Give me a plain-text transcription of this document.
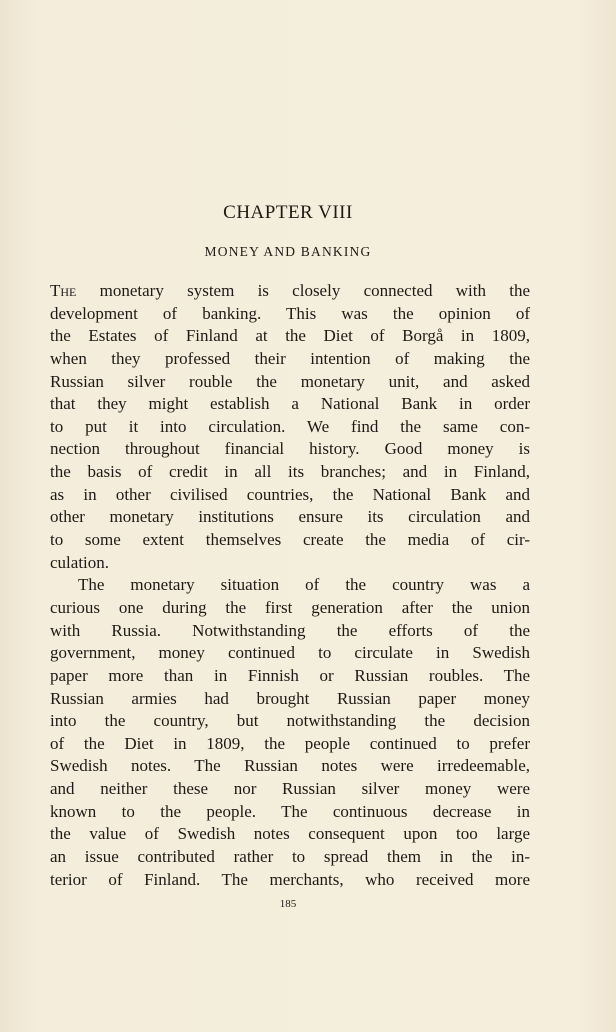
CHAPTER VIII
MONEY AND BANKING
The monetary system is closely connected with the
development of banking. This was the opinion of
the Estates of Finland at the Diet of Borgå in 1809,
when they professed their intention of making the
Russian silver rouble the monetary unit, and asked
that they might establish a National Bank in order
to put it into circulation. We find the same con-
nection throughout financial history. Good money is
the basis of credit in all its branches; and in Finland,
as in other civilised countries, the National Bank and
other monetary institutions ensure its circulation and
to some extent themselves create the media of cir-
culation.
The monetary situation of the country was a
curious one during the first generation after the union
with Russia. Notwithstanding the efforts of the
government, money continued to circulate in Swedish
paper more than in Finnish or Russian roubles. The
Russian armies had brought Russian paper money
into the country, but notwithstanding the decision
of the Diet in 1809, the people continued to prefer
Swedish notes. The Russian notes were irredeemable,
and neither these nor Russian silver money were
known to the people. The continuous decrease in
the value of Swedish notes consequent upon too large
an issue contributed rather to spread them in the in-
terior of Finland. The merchants, who received more

185
